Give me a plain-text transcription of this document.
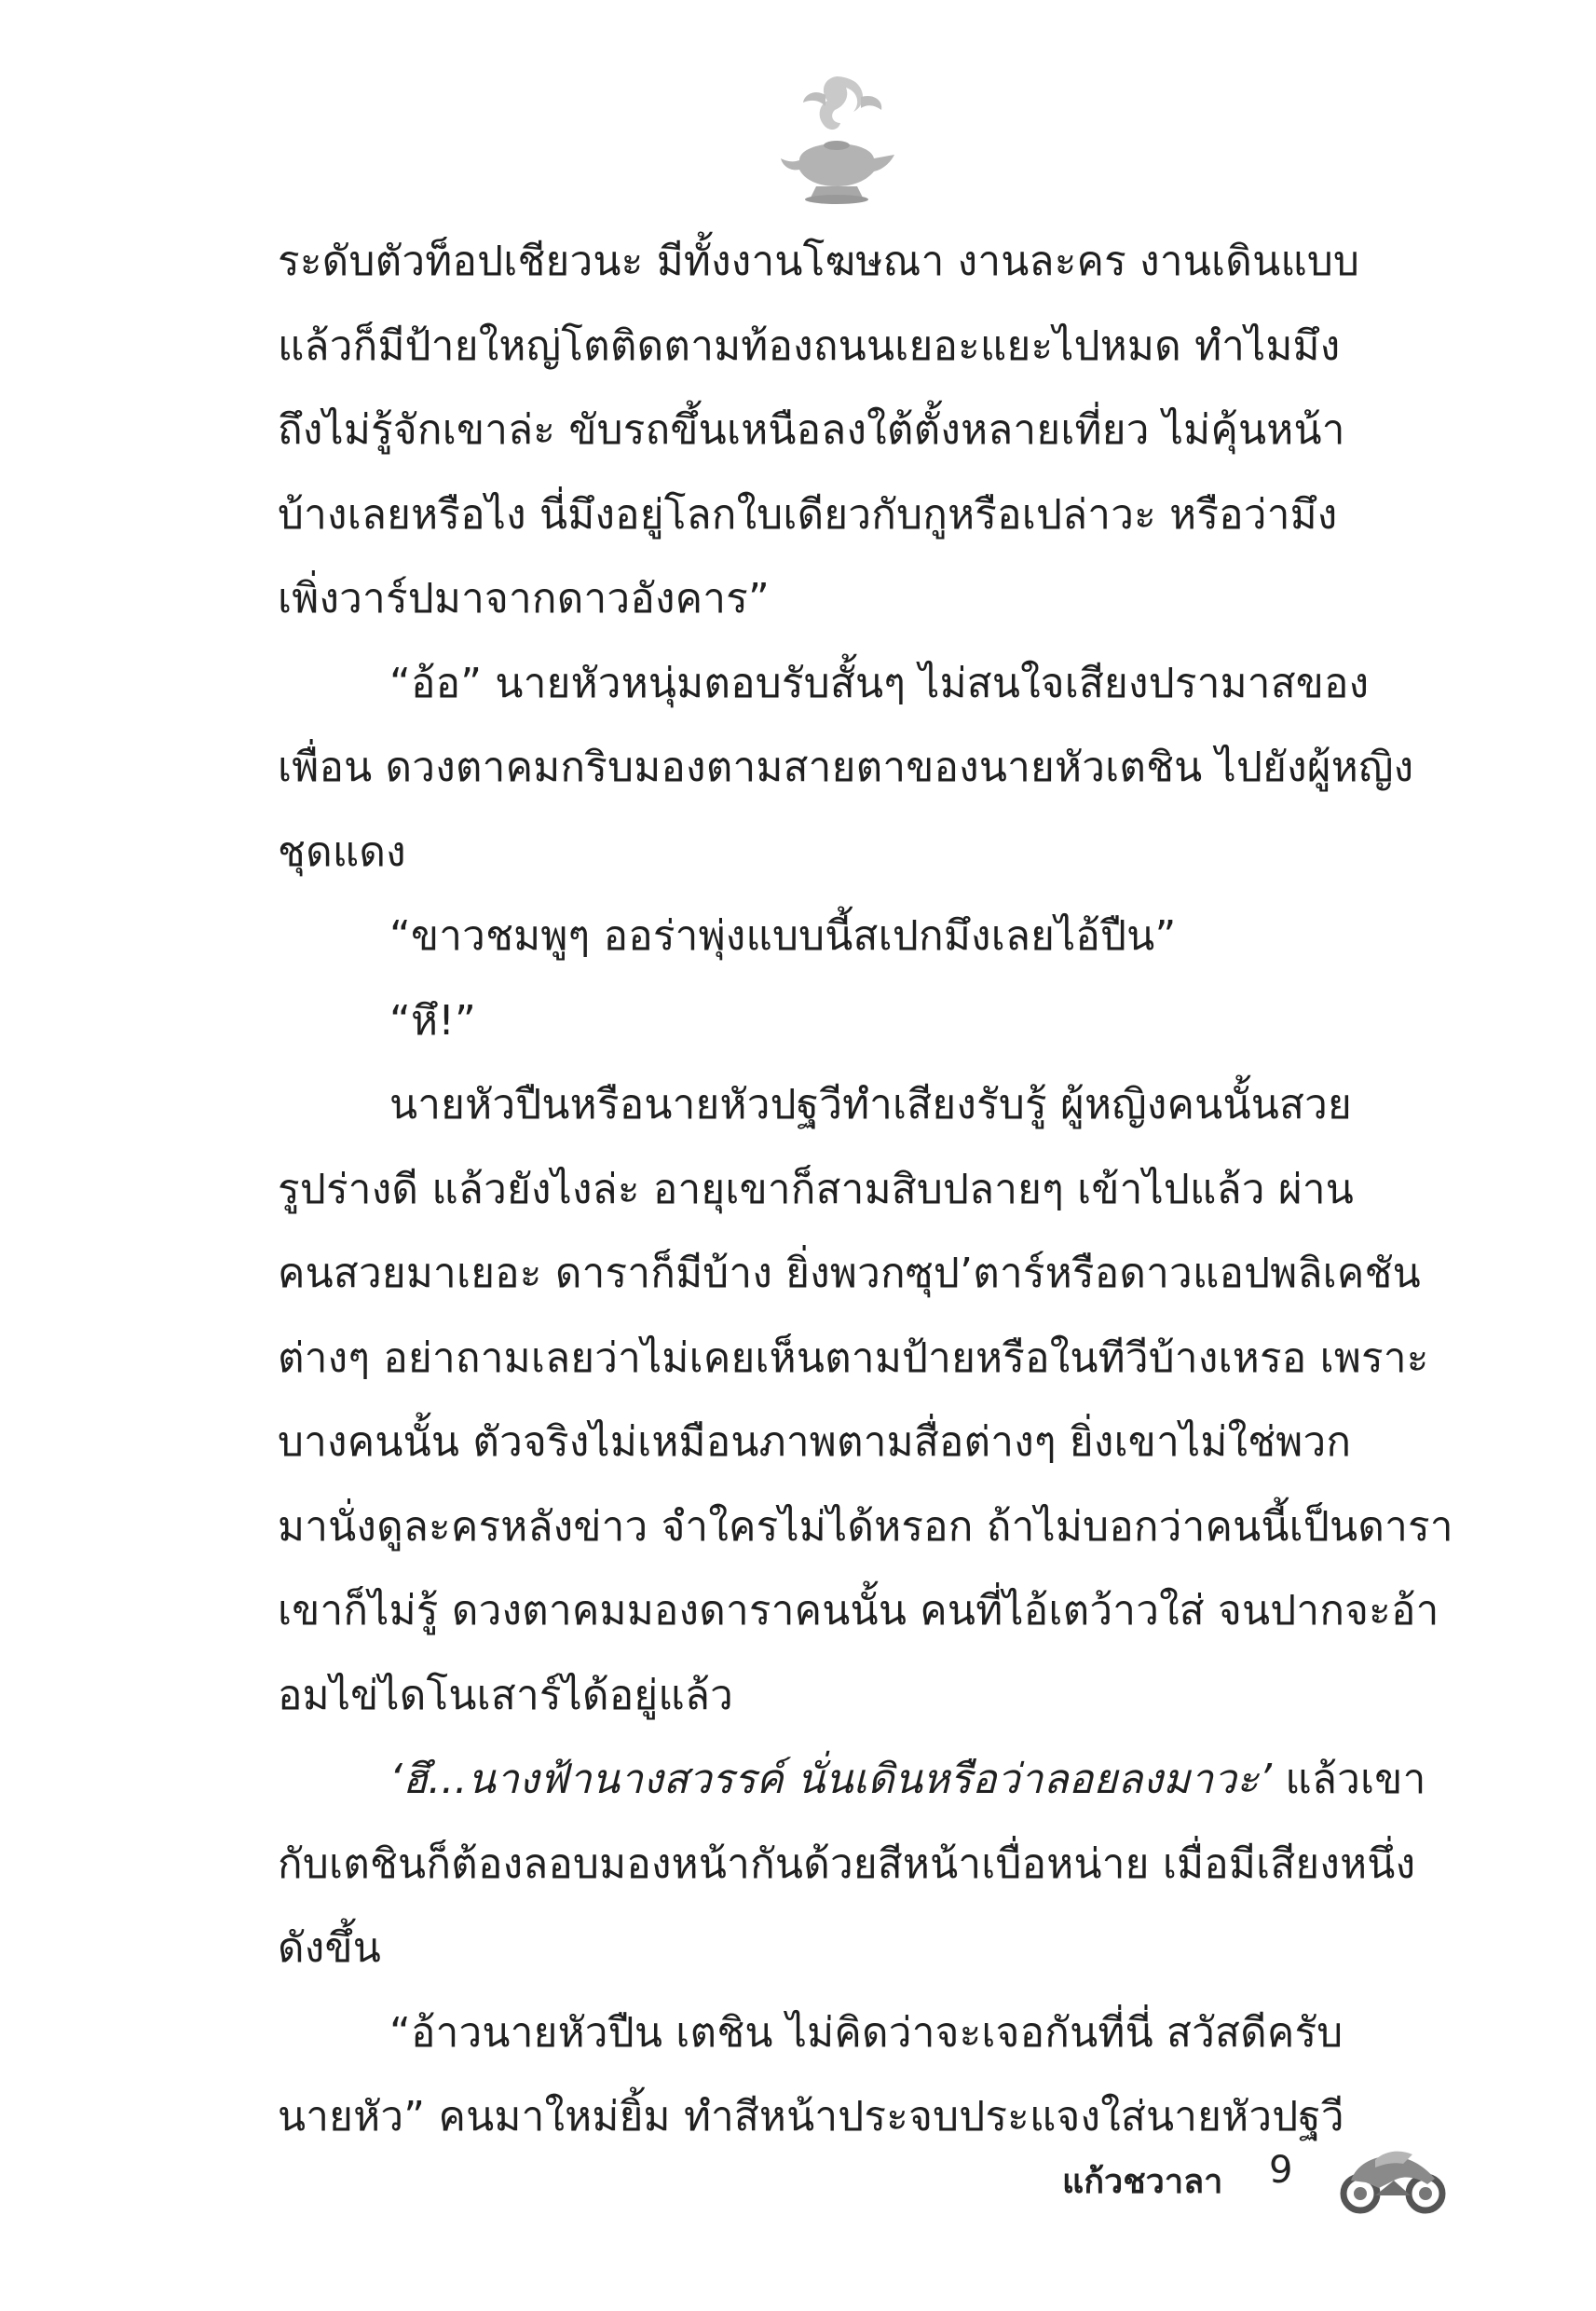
ระดับตัวท็อปเชียวนะ มีทั้งงานโฆษณา งานละคร งานเดินแบบ
แล้วก็มีป้ายใหญ่โตติดตามท้องถนนเยอะแยะไปหมด ทำไมมึง
ถึงไม่รู้จักเขาล่ะ ขับรถขึ้นเหนือลงใต้ตั้งหลายเที่ยว ไม่คุ้นหน้า
บ้างเลยหรือไง นี่มึงอยู่โลกใบเดียวกับกูหรือเปล่าวะ หรือว่ามึง
เพิ่งวาร์ปมาจากดาวอังคาร”
“อ้อ” นายหัวหนุ่มตอบรับสั้นๆ ไม่สนใจเสียงปรามาสของ
เพื่อน ดวงตาคมกริบมองตามสายตาของนายหัวเตชิน ไปยังผู้หญิง
ชุดแดง
“ขาวชมพูๆ ออร่าพุ่งแบบนี้สเปกมึงเลยไอ้ปืน”
“หึ!”
นายหัวปืนหรือนายหัวปฐวีทำเสียงรับรู้ ผู้หญิงคนนั้นสวย
รูปร่างดี แล้วยังไงล่ะ อายุเขาก็สามสิบปลายๆ เข้าไปแล้ว ผ่าน
คนสวยมาเยอะ ดาราก็มีบ้าง ยิ่งพวกซุป’ตาร์หรือดาวแอปพลิเคชัน
ต่างๆ อย่าถามเลยว่าไม่เคยเห็นตามป้ายหรือในทีวีบ้างเหรอ เพราะ
บางคนนั้น ตัวจริงไม่เหมือนภาพตามสื่อต่างๆ ยิ่งเขาไม่ใช่พวก
มานั่งดูละครหลังข่าว จำใครไม่ได้หรอก ถ้าไม่บอกว่าคนนี้เป็นดารา
เขาก็ไม่รู้ ดวงตาคมมองดาราคนนั้น คนที่ไอ้เตว้าวใส่ จนปากจะอ้า
อมไข่ไดโนเสาร์ได้อยู่แล้ว
‘ฮึ...นางฟ้านางสวรรค์ นั่นเดินหรือว่าลอยลงมาวะ’ แล้วเขา
กับเตชินก็ต้องลอบมองหน้ากันด้วยสีหน้าเบื่อหน่าย เมื่อมีเสียงหนึ่ง
ดังขึ้น
“อ้าวนายหัวปืน เตชิน ไม่คิดว่าจะเจอกันที่นี่ สวัสดีครับ
นายหัว” คนมาใหม่ยิ้ม ทำสีหน้าประจบประแจงใส่นายหัวปฐวี
แก้วชวาลา 9
